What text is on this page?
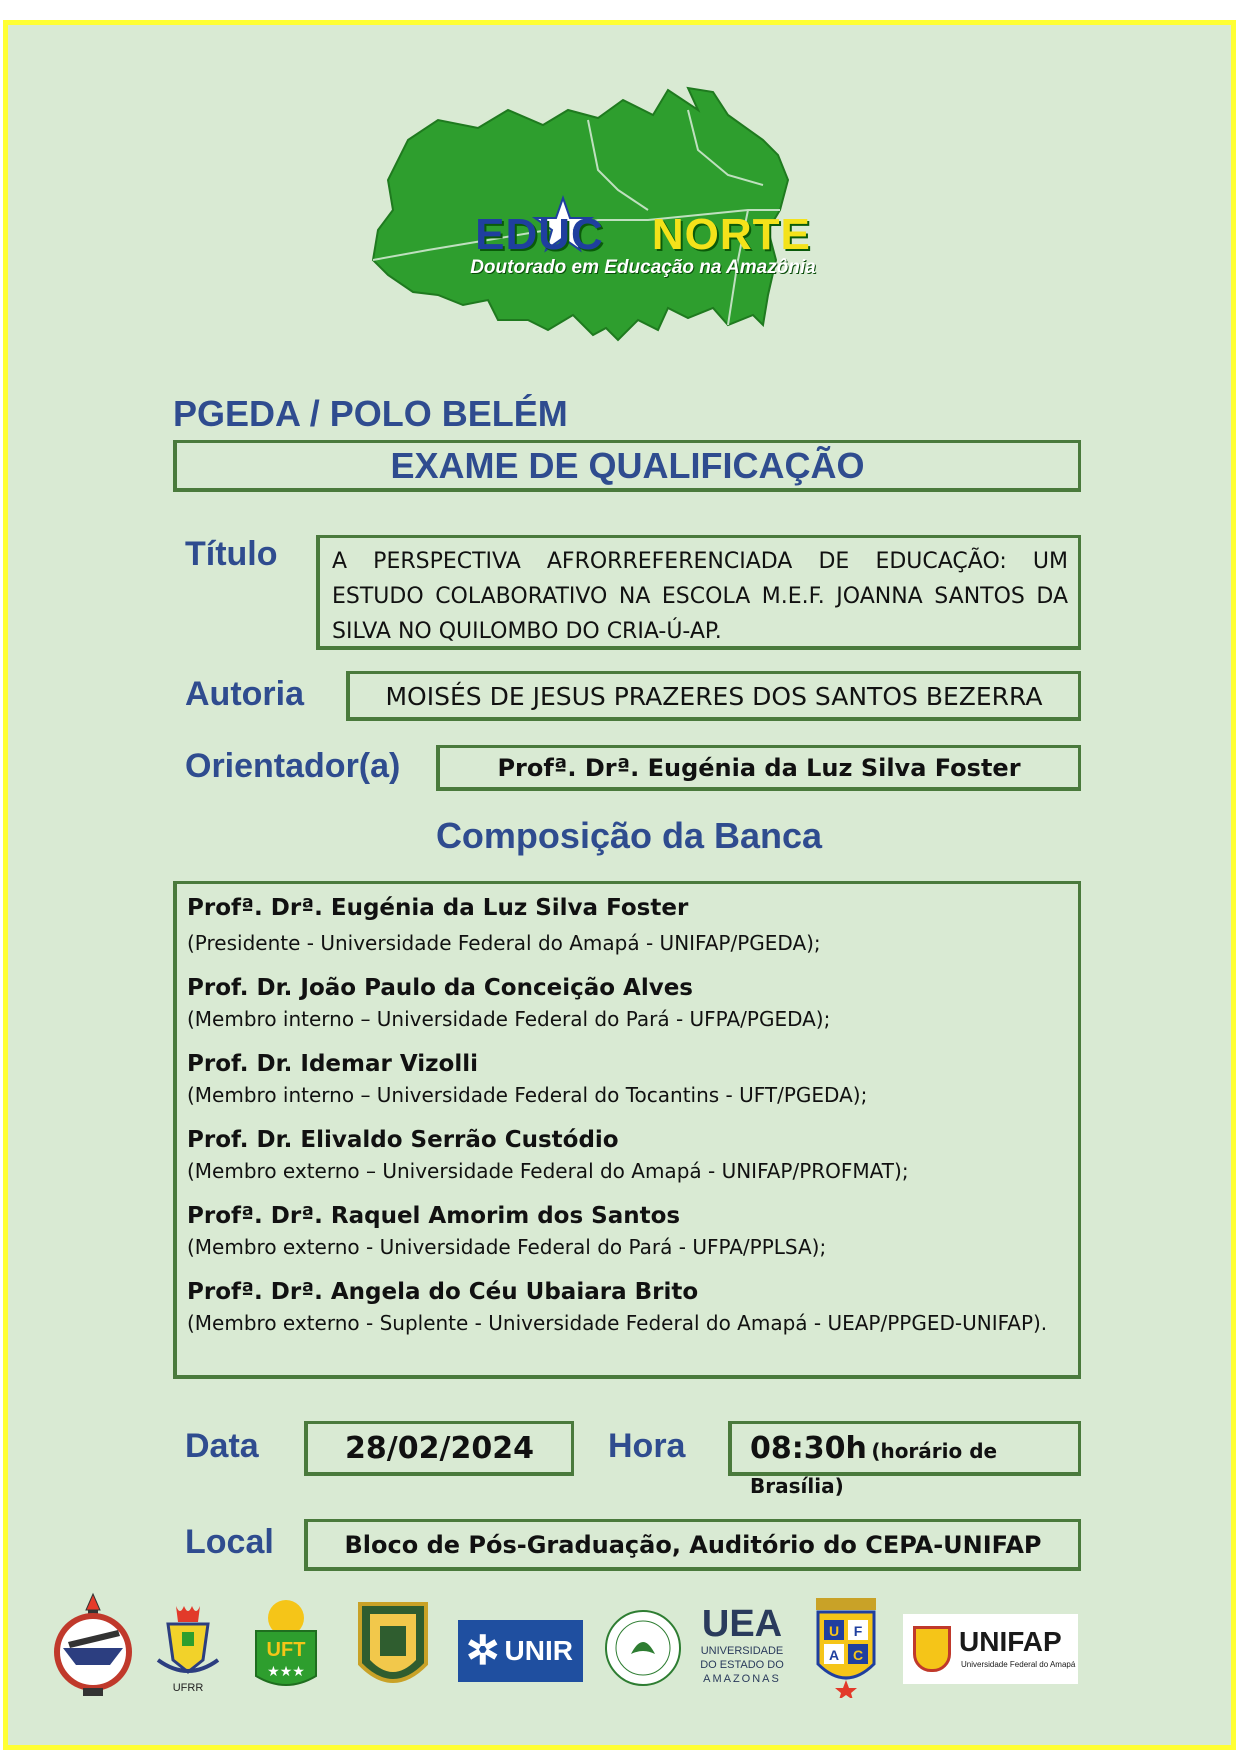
EDUC NORTE
Doutorado em Educação na Amazônia
PGEDA / POLO BELÉM
EXAME DE QUALIFICAÇÃO
Título A PERSPECTIVA AFRORREFERENCIADA DE EDUCAÇÃO: UM ESTUDO COLABORATIVO NA ESCOLA M.E.F. JOANNA SANTOS DA SILVA NO QUILOMBO DO CRIA-Ú-AP.
Autoria	MOISÉS DE JESUS PRAZERES DOS SANTOS BEZERRA
Orientador(a)	Profª. Drª. Eugénia da Luz Silva Foster
Composição da Banca
Profª. Drª. Eugénia da Luz Silva Foster
(Presidente - Universidade Federal do Amapá - UNIFAP/PGEDA);
Prof. Dr. João Paulo da Conceição Alves
(Membro interno – Universidade Federal do Pará - UFPA/PGEDA);
Prof. Dr. Idemar Vizolli
(Membro interno – Universidade Federal do Tocantins - UFT/PGEDA);
Prof. Dr. Elivaldo Serrão Custódio
(Membro externo – Universidade Federal do Amapá - UNIFAP/PROFMAT);
Profª. Drª. Raquel Amorim dos Santos
(Membro externo - Universidade Federal do Pará - UFPA/PPLSA);
Profª. Drª. Angela do Céu Ubaiara Brito
(Membro externo - Suplente - Universidade Federal do Amapá - UEAP/PPGED-UNIFAP).
Data	28/02/2024	Hora	08:30h (horário de Brasília)
Local	Bloco de Pós-Graduação, Auditório do CEPA-UNIFAP
UFRR
UFT
★★★	✲ UNIR
UEA
UNIVERSIDADE
DO ESTADO DO
AMAZONAS
U F
A C	UNIFAP
Universidade Federal do Amapá
